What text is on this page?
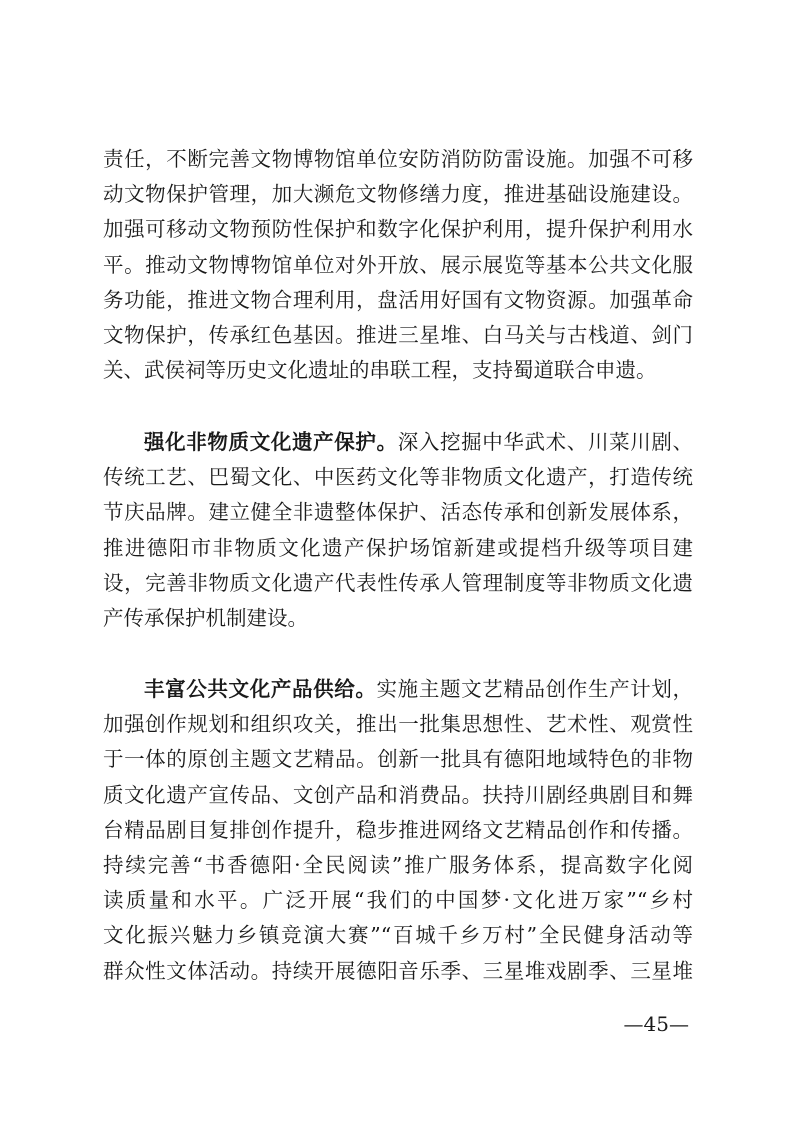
责任，不断完善文物博物馆单位安防消防防雷设施。加强不可移
动文物保护管理，加大濒危文物修缮力度，推进基础设施建设。
加强可移动文物预防性保护和数字化保护利用，提升保护利用水
平。推动文物博物馆单位对外开放、展示展览等基本公共文化服
务功能，推进文物合理利用，盘活用好国有文物资源。加强革命
文物保护，传承红色基因。推进三星堆、白马关与古栈道、剑门
关、武侯祠等历史文化遗址的串联工程，支持蜀道联合申遗。
强化非物质文化遗产保护。深入挖掘中华武术、川菜川剧、
传统工艺、巴蜀文化、中医药文化等非物质文化遗产，打造传统
节庆品牌。建立健全非遗整体保护、活态传承和创新发展体系，
推进德阳市非物质文化遗产保护场馆新建或提档升级等项目建
设，完善非物质文化遗产代表性传承人管理制度等非物质文化遗
产传承保护机制建设。
丰富公共文化产品供给。实施主题文艺精品创作生产计划，
加强创作规划和组织攻关，推出一批集思想性、艺术性、观赏性
于一体的原创主题文艺精品。创新一批具有德阳地域特色的非物
质文化遗产宣传品、文创产品和消费品。扶持川剧经典剧目和舞
台精品剧目复排创作提升，稳步推进网络文艺精品创作和传播。
持续完善“书香德阳·全民阅读”推广服务体系，提高数字化阅
读质量和水平。广泛开展“我们的中国梦·文化进万家”“乡村
文化振兴魅力乡镇竞演大赛”“百城千乡万村”全民健身活动等
群众性文体活动。持续开展德阳音乐季、三星堆戏剧季、三星堆
—45—
